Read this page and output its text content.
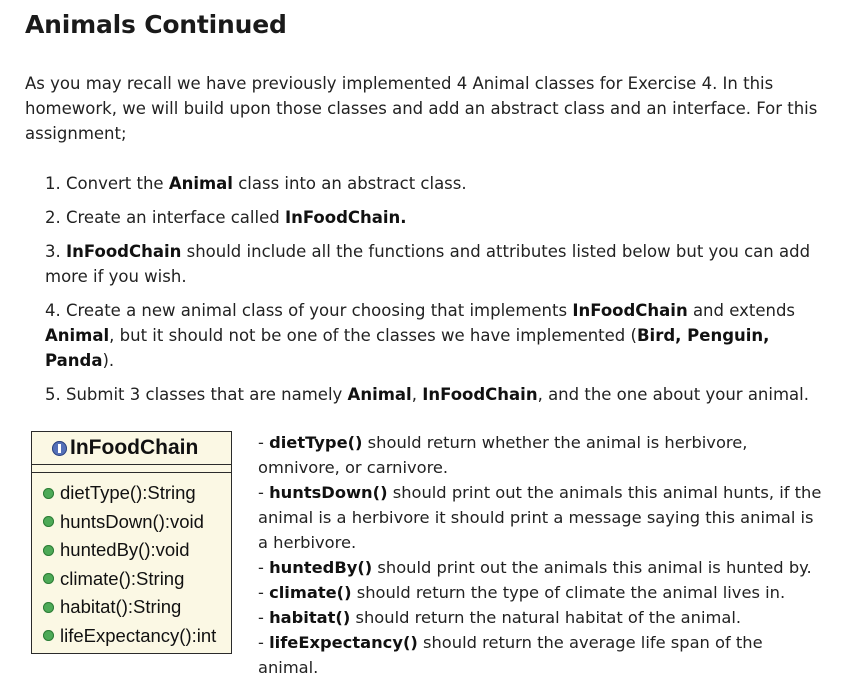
Animals Continued

As you may recall we have previously implemented 4 Animal classes for Exercise 4. In this homework, we will build upon those classes and add an abstract class and an interface. For this assignment;

1. Convert the Animal class into an abstract class.
2. Create an interface called InFoodChain.
3. InFoodChain should include all the functions and attributes listed below but you can add more if you wish.
4. Create a new animal class of your choosing that implements InFoodChain and extends Animal, but it should not be one of the classes we have implemented (Bird, Penguin, Panda).
5. Submit 3 classes that are namely Animal, InFoodChain, and the one about your animal.
InFoodChain
dietType():String
huntsDown():void
huntedBy():void
climate():String
habitat():String
lifeExpectancy():int

- dietType() should return whether the animal is herbivore, omnivore, or carnivore.

- huntsDown() should print out the animals this animal hunts, if the animal is a herbivore it should print a message saying this animal is a herbivore.

- huntedBy() should print out the animals this animal is hunted by.

- climate() should return the type of climate the animal lives in.

- habitat() should return the natural habitat of the animal.

- lifeExpectancy() should return the average life span of the animal.
